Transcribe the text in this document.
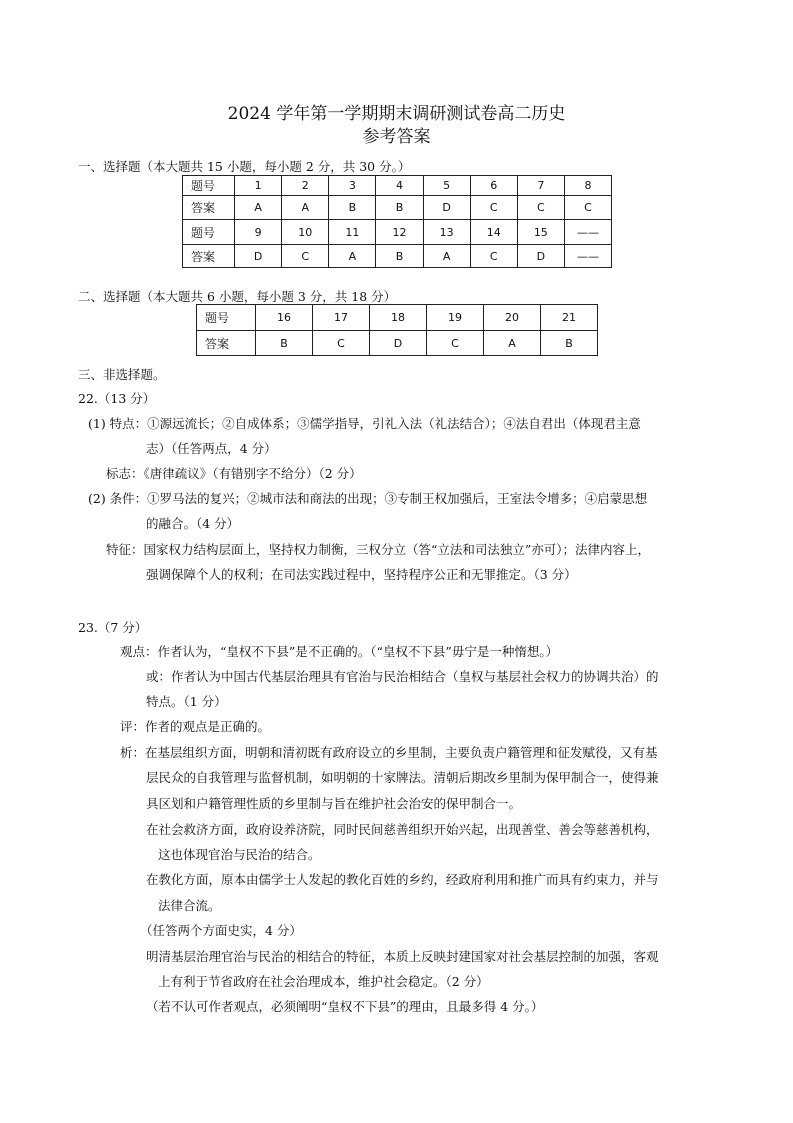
2024 学年第一学期期末调研测试卷高二历史
参考答案
一、选择题（本大题共 15 小题，每小题 2 分，共 30 分。）
题号	1	2	3	4	5	6	7	8
答案	A	A	B	B	D	C	C	C
题号	9	10	11	12	13	14	15	——
答案	D	C	A	B	A	C	D	——
二、选择题（本大题共 6 小题，每小题 3 分，共 18 分）
题号	16	17	18	19	20	21
答案	B	C	D	C	A	B
三、非选择题。
22.（13 分）
(1) 特点：①源远流长；②自成体系；③儒学指导，引礼入法（礼法结合）；④法自君出（体现君主意
志）（任答两点，4 分）
标志：《唐律疏议》（有错别字不给分）（2 分）
(2) 条件：①罗马法的复兴；②城市法和商法的出现；③专制王权加强后，王室法令增多；④启蒙思想
的融合。（4 分）
特征：国家权力结构层面上，坚持权力制衡，三权分立（答“立法和司法独立”亦可）；法律内容上，
强调保障个人的权利；在司法实践过程中，坚持程序公正和无罪推定。（3 分）
23.（7 分）
观点：作者认为，“皇权不下县”是不正确的。（“皇权不下县”毋宁是一种惰想。）
或：作者认为中国古代基层治理具有官治与民治相结合（皇权与基层社会权力的协调共治）的
特点。（1 分）
评：作者的观点是正确的。
析：在基层组织方面，明朝和清初既有政府设立的乡里制，主要负责户籍管理和征发赋役，又有基
层民众的自我管理与监督机制，如明朝的十家牌法。清朝后期改乡里制为保甲制合一，使得兼
具区划和户籍管理性质的乡里制与旨在维护社会治安的保甲制合一。
在社会救济方面，政府设养济院，同时民间慈善组织开始兴起，出现善堂、善会等慈善机构，
这也体现官治与民治的结合。
在教化方面，原本由儒学士人发起的教化百姓的乡约，经政府利用和推广而具有约束力，并与
法律合流。
（任答两个方面史实，4 分）
明清基层治理官治与民治的相结合的特征，本质上反映封建国家对社会基层控制的加强，客观
上有利于节省政府在社会治理成本，维护社会稳定。（2 分）
（若不认可作者观点，必须阐明“皇权不下县”的理由，且最多得 4 分。）
